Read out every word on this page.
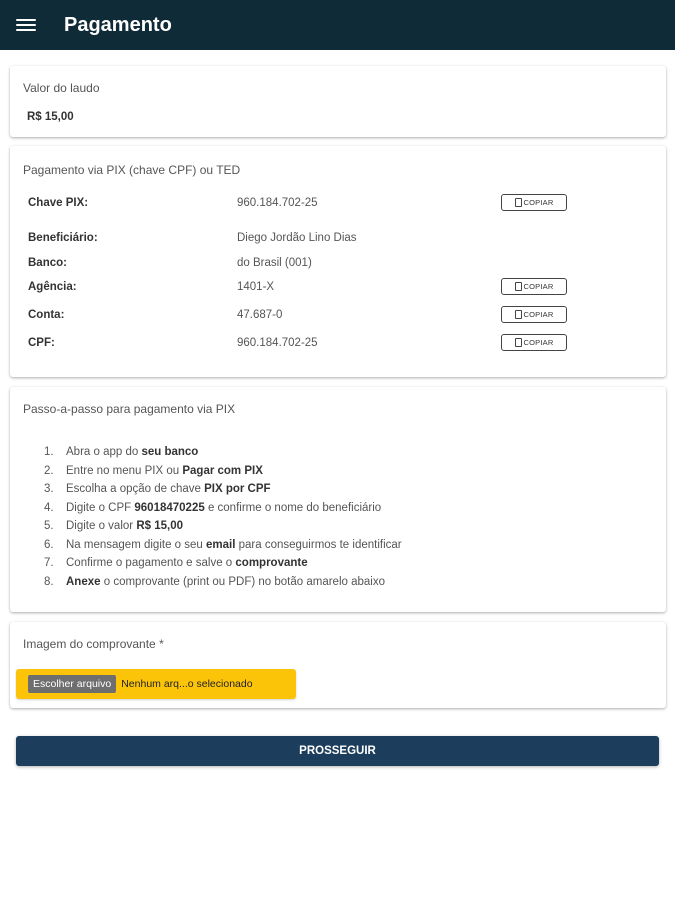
Pagamento
Valor do laudo
R$ 15,00
Pagamento via PIX (chave CPF) ou TED
Chave PIX:	960.184.702-25	COPIAR
Beneficiário:	Diego Jordão Lino Dias
Banco:	do Brasil (001)
Agência:	1401-X	COPIAR
Conta:	47.687-0	COPIAR
CPF:	960.184.702-25	COPIAR
Passo-a-passo para pagamento via PIX
1. Abra o app do seu banco
2. Entre no menu PIX ou Pagar com PIX
3. Escolha a opção de chave PIX por CPF
4. Digite o CPF 96018470225 e confirme o nome do beneficiário
5. Digite o valor R$ 15,00
6. Na mensagem digite o seu email para conseguirmos te identificar
7. Confirme o pagamento e salve o comprovante
8. Anexe o comprovante (print ou PDF) no botão amarelo abaixo
Imagem do comprovante *
Escolher arquivo Nenhum arq...o selecionado
PROSSEGUIR
